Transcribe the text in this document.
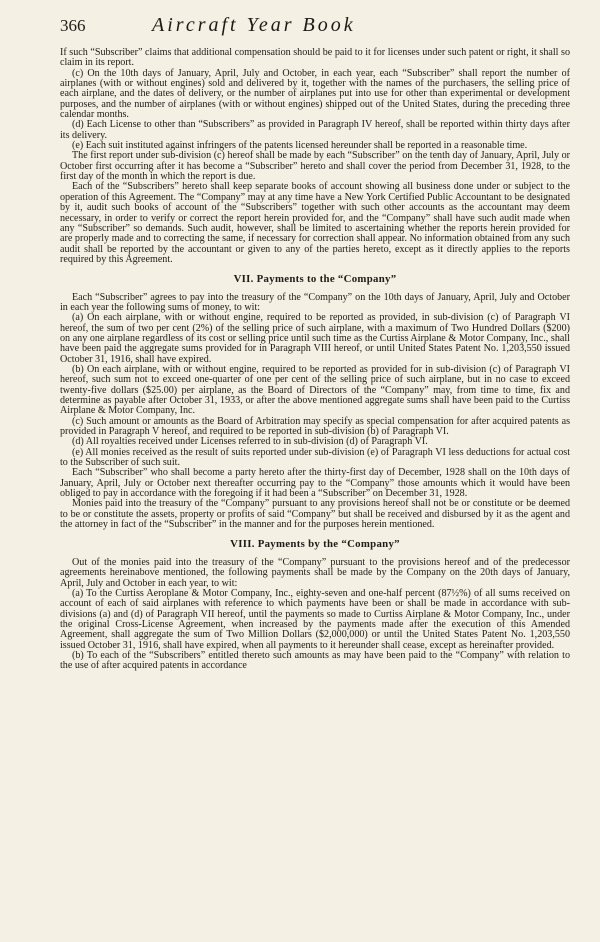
366	Aircraft Year Book

If such “Subscriber” claims that additional compensation should be paid to it for licenses under such patent or right, it shall so claim in its report.

(c) On the 10th days of January, April, July and October, in each year, each “Subscriber” shall report the number of airplanes (with or without engines) sold and delivered by it, together with the names of the purchasers, the selling price of each airplane, and the dates of delivery, or the number of airplanes put into use for other than experimental or development purposes, and the number of airplanes (with or without engines) shipped out of the United States, during the preceding three calendar months.

(d) Each License to other than “Subscribers” as provided in Paragraph IV hereof, shall be reported within thirty days after its delivery.

(e) Each suit instituted against infringers of the patents licensed hereunder shall be reported in a reasonable time.

The first report under sub-division (c) hereof shall be made by each “Subscriber” on the tenth day of January, April, July or October first occurring after it has become a “Subscriber” hereto and shall cover the period from December 31, 1928, to the first day of the month in which the report is due.

Each of the “Subscribers” hereto shall keep separate books of account showing all business done under or subject to the operation of this Agreement. The “Company” may at any time have a New York Certified Public Accountant to be designated by it, audit such books of account of the “Subscribers” together with such other accounts as the accountant may deem necessary, in order to verify or correct the report herein provided for, and the “Company” shall have such audit made when any “Subscriber” so demands. Such audit, however, shall be limited to ascertaining whether the reports herein provided for are properly made and to correcting the same, if necessary for correction shall appear. No information obtained from any such audit shall be reported by the accountant or given to any of the parties hereto, except as it directly applies to the reports required by this Agreement.

VII. Payments to the “Company”

Each “Subscriber” agrees to pay into the treasury of the “Company” on the 10th days of January, April, July and October in each year the following sums of money, to wit:

(a) On each airplane, with or without engine, required to be reported as provided, in sub-division (c) of Paragraph VI hereof, the sum of two per cent (2%) of the selling price of such airplane, with a maximum of Two Hundred Dollars ($200) on any one airplane regardless of its cost or selling price until such time as the Curtiss Airplane & Motor Company, Inc., shall have been paid the aggregate sums provided for in Paragraph VIII hereof, or until United States Patent No. 1,203,550 issued October 31, 1916, shall have expired.

(b) On each airplane, with or without engine, required to be reported as provided for in sub-division (c) of Paragraph VI hereof, such sum not to exceed one-quarter of one per cent of the selling price of such airplane, but in no case to exceed twenty-five dollars ($25.00) per airplane, as the Board of Directors of the “Company” may, from time to time, fix and determine as payable after October 31, 1933, or after the above mentioned aggregate sums shall have been paid to the Curtiss Airplane & Motor Company, Inc.

(c) Such amount or amounts as the Board of Arbitration may specify as special compensation for after acquired patents as provided in Paragraph V hereof, and required to be reported in sub-division (b) of Paragraph VI.

(d) All royalties received under Licenses referred to in sub-division (d) of Paragraph VI.

(e) All monies received as the result of suits reported under sub-division (e) of Paragraph VI less deductions for actual cost to the Subscriber of such suit.

Each “Subscriber” who shall become a party hereto after the thirty-first day of December, 1928 shall on the 10th days of January, April, July or October next thereafter occurring pay to the “Company” those amounts which it would have been obliged to pay in accordance with the foregoing if it had been a “Subscriber” on December 31, 1928.

Monies paid into the treasury of the “Company” pursuant to any provisions hereof shall not be or constitute or be deemed to be or constitute the assets, property or profits of said “Company” but shall be received and disbursed by it as the agent and the attorney in fact of the “Subscriber” in the manner and for the purposes herein mentioned.

VIII. Payments by the “Company”

Out of the monies paid into the treasury of the “Company” pursuant to the provisions hereof and of the predecessor agreements hereinabove mentioned, the following payments shall be made by the Company on the 20th days of January, April, July and October in each year, to wit:

(a) To the Curtiss Aeroplane & Motor Company, Inc., eighty-seven and one-half percent (87½%) of all sums received on account of each of said airplanes with reference to which payments have been or shall be made in accordance with sub-divisions (a) and (d) of Paragraph VII hereof, until the payments so made to Curtiss Airplane & Motor Company, Inc., under the original Cross-License Agreement, when increased by the payments made after the execution of this Amended Agreement, shall aggregate the sum of Two Million Dollars ($2,000,000) or until the United States Patent No. 1,203,550 issued October 31, 1916, shall have expired, when all payments to it hereunder shall cease, except as hereinafter provided.

(b) To each of the “Subscribers” entitled thereto such amounts as may have been paid to the “Company” with relation to the use of after acquired patents in accordance
